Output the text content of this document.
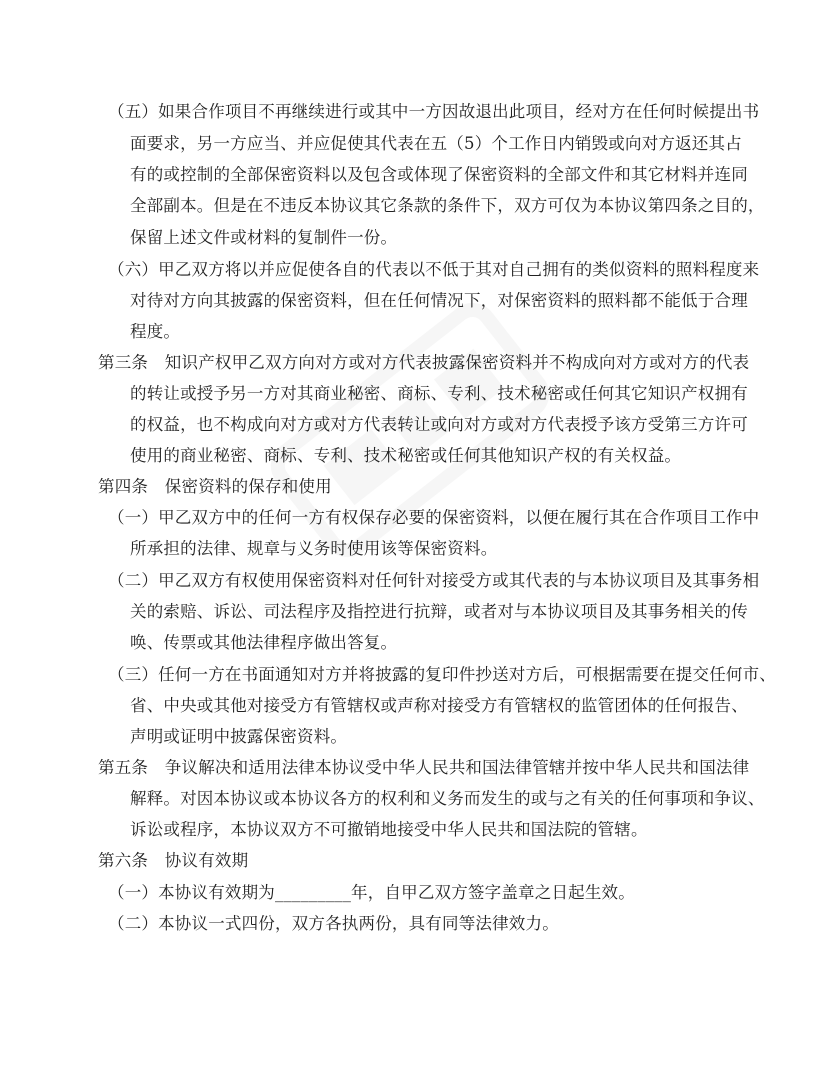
（五）如果合作项目不再继续进行或其中一方因故退出此项目，经对方在任何时候提出书
面要求，另一方应当、并应促使其代表在五（5）个工作日内销毁或向对方返还其占
有的或控制的全部保密资料以及包含或体现了保密资料的全部文件和其它材料并连同
全部副本。但是在不违反本协议其它条款的条件下，双方可仅为本协议第四条之目的，
保留上述文件或材料的复制件一份。
（六）甲乙双方将以并应促使各自的代表以不低于其对自己拥有的类似资料的照料程度来
对待对方向其披露的保密资料，但在任何情况下，对保密资料的照料都不能低于合理
程度。
第三条　知识产权甲乙双方向对方或对方代表披露保密资料并不构成向对方或对方的代表
的转让或授予另一方对其商业秘密、商标、专利、技术秘密或任何其它知识产权拥有
的权益，也不构成向对方或对方代表转让或向对方或对方代表授予该方受第三方许可
使用的商业秘密、商标、专利、技术秘密或任何其他知识产权的有关权益。
第四条　保密资料的保存和使用
（一）甲乙双方中的任何一方有权保存必要的保密资料，以便在履行其在合作项目工作中
所承担的法律、规章与义务时使用该等保密资料。
（二）甲乙双方有权使用保密资料对任何针对接受方或其代表的与本协议项目及其事务相
关的索赔、诉讼、司法程序及指控进行抗辩，或者对与本协议项目及其事务相关的传
唤、传票或其他法律程序做出答复。
（三）任何一方在书面通知对方并将披露的复印件抄送对方后，可根据需要在提交任何市、
省、中央或其他对接受方有管辖权或声称对接受方有管辖权的监管团体的任何报告、
声明或证明中披露保密资料。
第五条　争议解决和适用法律本协议受中华人民共和国法律管辖并按中华人民共和国法律
解释。对因本协议或本协议各方的权利和义务而发生的或与之有关的任何事项和争议、
诉讼或程序，本协议双方不可撤销地接受中华人民共和国法院的管辖。
第六条　协议有效期
（一）本协议有效期为_________年，自甲乙双方签字盖章之日起生效。
（二）本协议一式四份，双方各执两份，具有同等法律效力。
